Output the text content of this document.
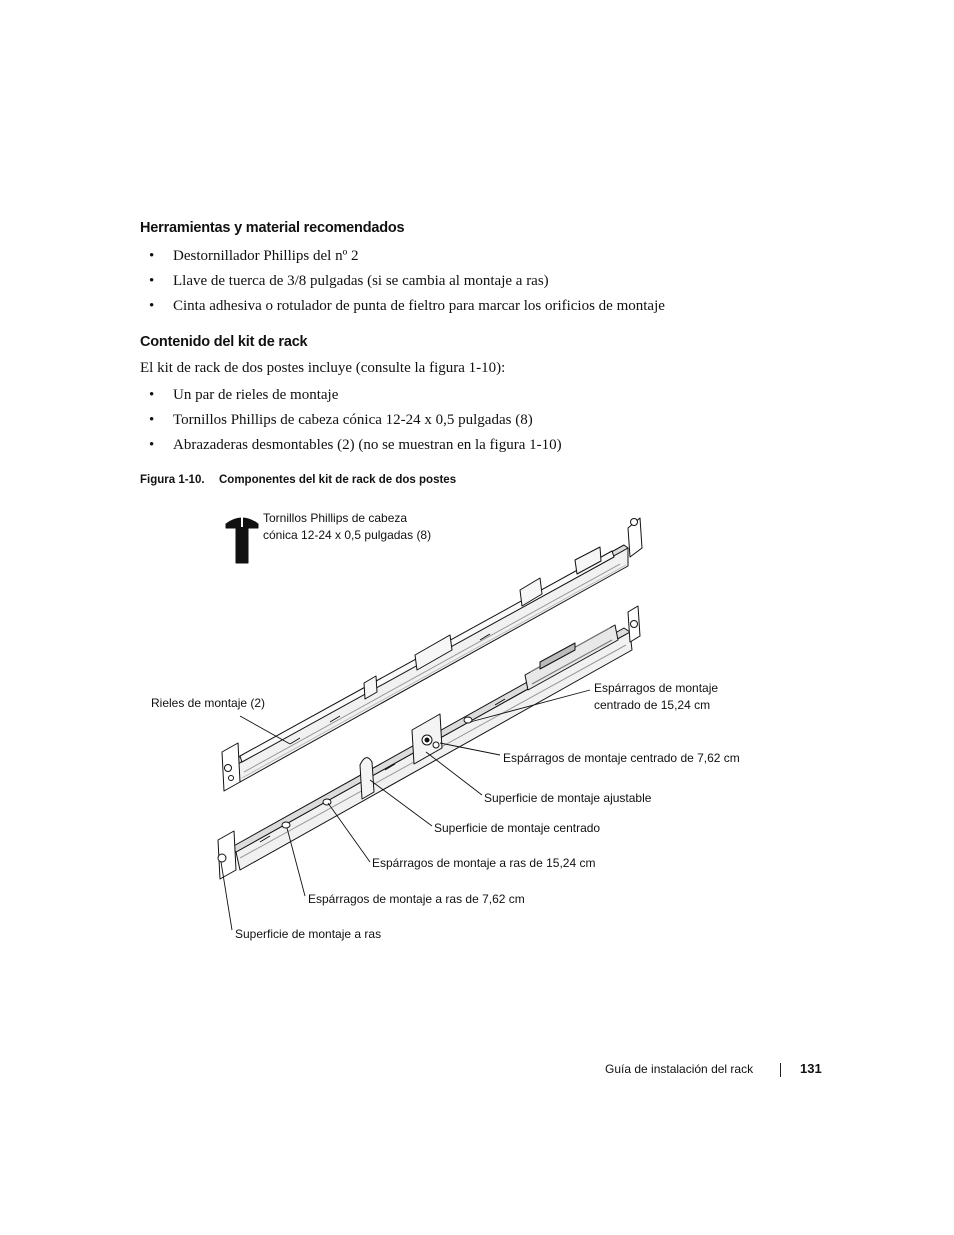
Herramientas y material recomendados
• Destornillador Phillips del nº 2
• Llave de tuerca de 3/8 pulgadas (si se cambia al montaje a ras)
• Cinta adhesiva o rotulador de punta de fieltro para marcar los orificios de montaje
Contenido del kit de rack
El kit de rack de dos postes incluye (consulte la figura 1-10):
• Un par de rieles de montaje
• Tornillos Phillips de cabeza cónica 12-24 x 0,5 pulgadas (8)
• Abrazaderas desmontables (2) (no se muestran en la figura 1-10)
Figura 1-10. Componentes del kit de rack de dos postes
Tornillos Phillips de cabeza
cónica 12-24 x 0,5 pulgadas (8)
Rieles de montaje (2)
Espárragos de montaje
centrado de 15,24 cm
Espárragos de montaje centrado de 7,62 cm
Superficie de montaje ajustable
Superficie de montaje centrado
Espárragos de montaje a ras de 15,24 cm
Espárragos de montaje a ras de 7,62 cm
Superficie de montaje a ras
Guía de instalación del rack	131
